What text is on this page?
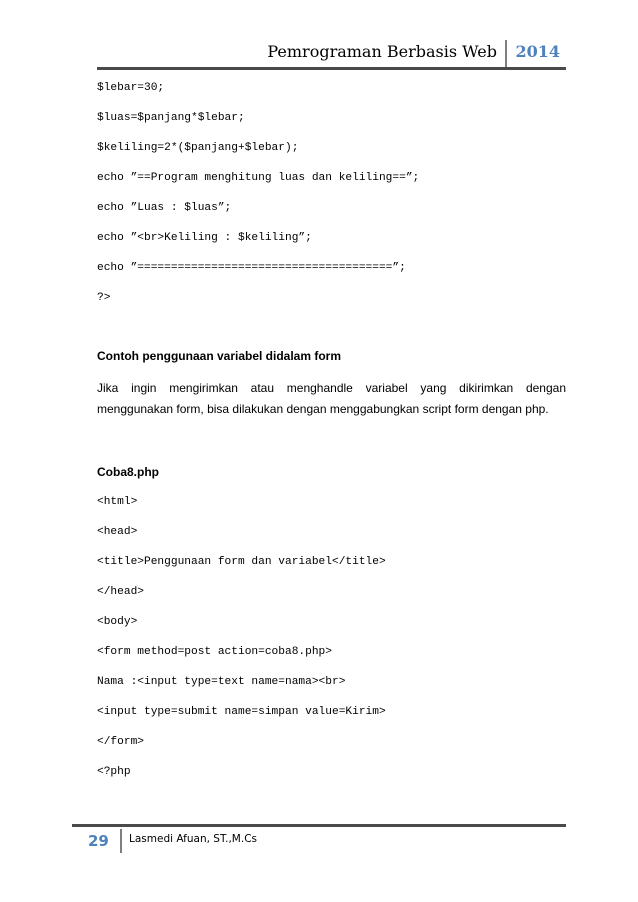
Pemrograman Berbasis Web 2014
$lebar=30;
$luas=$panjang*$lebar;
$keliling=2*($panjang+$lebar);
echo ”==Program menghitung luas dan keliling==”;
echo ”Luas : $luas”;
echo ”<br>Keliling : $keliling”;
echo ”======================================”;
?>
Contoh penggunaan variabel didalam form
Jika ingin mengirimkan atau menghandle variabel yang dikirimkan dengan
menggunakan form, bisa dilakukan dengan menggabungkan script form dengan php.
Coba8.php
<html>
<head>
<title>Penggunaan form dan variabel</title>
</head>
<body>
<form method=post action=coba8.php>
Nama :<input type=text name=nama><br>
<input type=submit name=simpan value=Kirim>
</form>
<?php
29 Lasmedi Afuan, ST.,M.Cs
